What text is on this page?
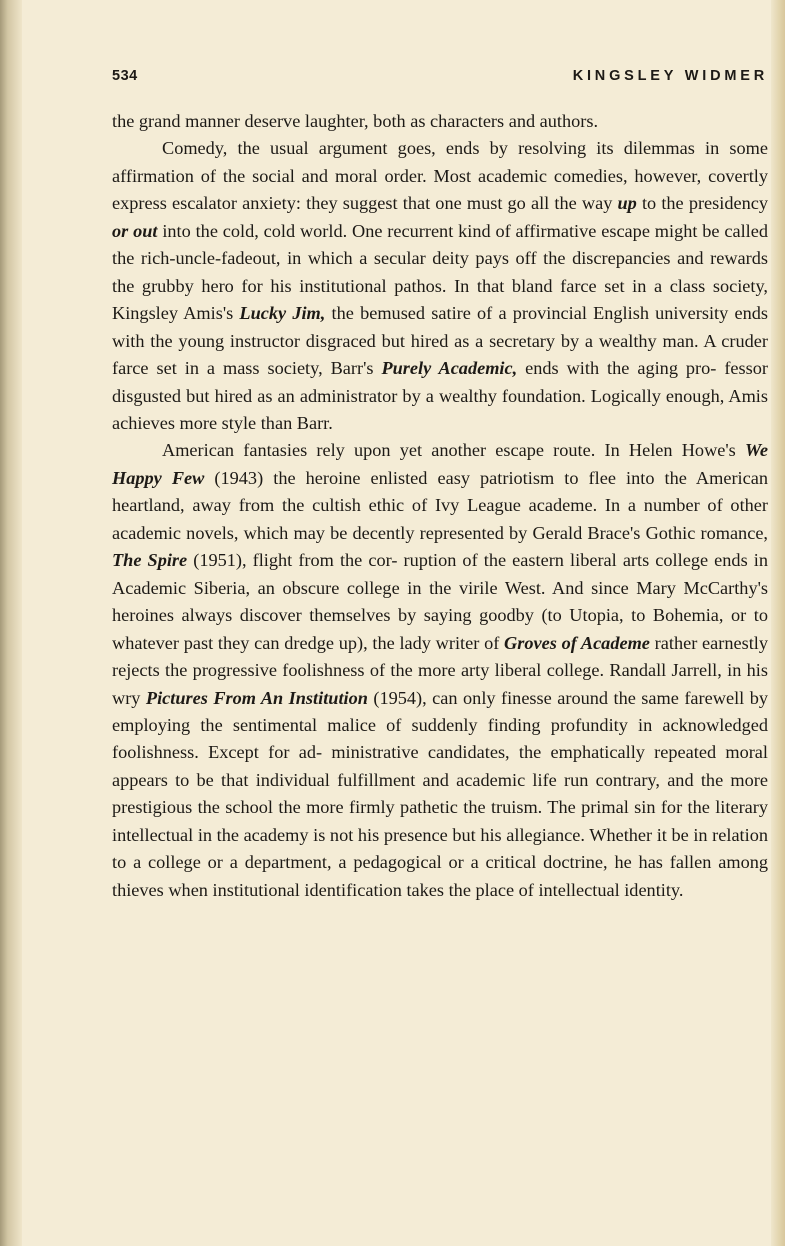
534	KINGSLEY WIDMER

the grand manner deserve laughter, both as characters and authors.

Comedy, the usual argument goes, ends by resolving its dilemmas in some affirmation of the social and moral order. Most academic comedies, however, covertly express escalator anxiety: they suggest that one must go all the way up to the presidency or out into the cold, cold world. One recurrent kind of affirmative escape might be called the rich-uncle-fadeout, in which a secular deity pays off the discrepancies and rewards the grubby hero for his institutional pathos. In that bland farce set in a class society, Kingsley Amis's Lucky Jim, the bemused satire of a provincial English university ends with the young instructor disgraced but hired as a secretary by a wealthy man. A cruder farce set in a mass society, Barr's Purely Academic, ends with the aging pro- fessor disgusted but hired as an administrator by a wealthy foundation. Logically enough, Amis achieves more style than Barr.

American fantasies rely upon yet another escape route. In Helen Howe's We Happy Few (1943) the heroine enlisted easy patriotism to flee into the American heartland, away from the cultish ethic of Ivy League academe. In a number of other academic novels, which may be decently represented by Gerald Brace's Gothic romance, The Spire (1951), flight from the cor- ruption of the eastern liberal arts college ends in Academic Siberia, an obscure college in the virile West. And since Mary McCarthy's heroines always discover themselves by saying goodby (to Utopia, to Bohemia, or to whatever past they can dredge up), the lady writer of Groves of Academe rather earnestly rejects the progressive foolishness of the more arty liberal college. Randall Jarrell, in his wry Pictures From An Institution (1954), can only finesse around the same farewell by employing the sentimental malice of suddenly finding profundity in acknowledged foolishness. Except for ad- ministrative candidates, the emphatically repeated moral appears to be that individual fulfillment and academic life run contrary, and the more prestigious the school the more firmly pathetic the truism. The primal sin for the literary intellectual in the academy is not his presence but his allegiance. Whether it be in relation to a college or a department, a pedagogical or a critical doctrine, he has fallen among thieves when institutional identification takes the place of intellectual identity.
